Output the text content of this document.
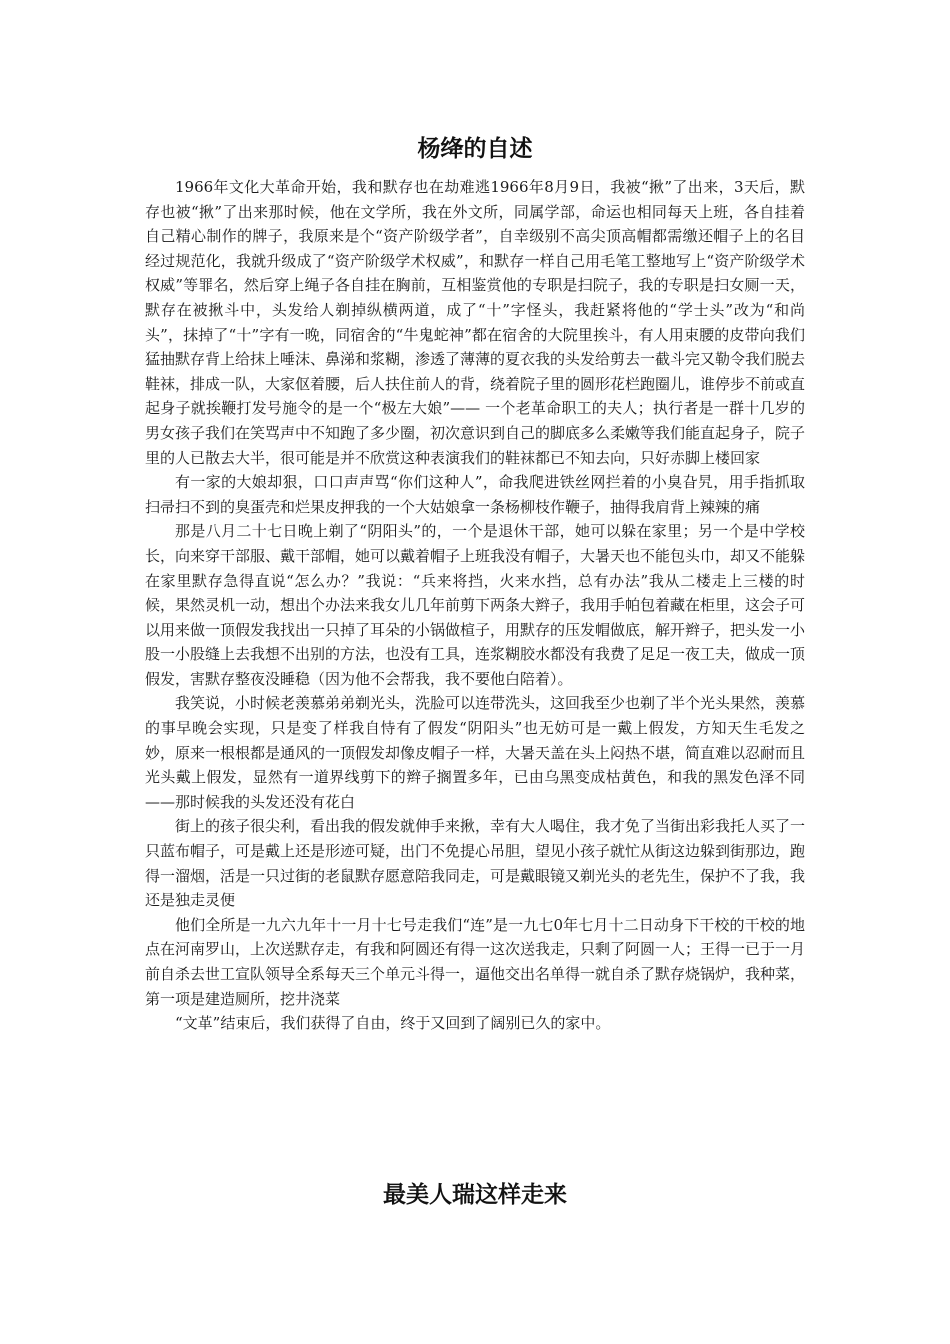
杨绛的自述

1966年文化大革命开始，我和默存也在劫难逃1966年8月9日，我被“揪”了出来，3天后，默存也被“揪”了出来那时候，他在文学所，我在外文所，同属学部，命运也相同每天上班，各自挂着自己精心制作的牌子，我原来是个“资产阶级学者”，自幸级别不高尖顶高帽都需缴还帽子上的名目经过规范化，我就升级成了“资产阶级学术权威”，和默存一样自己用毛笔工整地写上“资产阶级学术权威”等罪名，然后穿上绳子各自挂在胸前，互相鉴赏他的专职是扫院子，我的专职是扫女厕一天，默存在被揪斗中，头发给人剃掉纵横两道，成了“十”字怪头，我赶紧将他的“学士头”改为“和尚头”，抹掉了“十”字有一晚，同宿舍的“牛鬼蛇神”都在宿舍的大院里挨斗，有人用束腰的皮带向我们猛抽默存背上给抹上唾沫、鼻涕和浆糊，渗透了薄薄的夏衣我的头发给剪去一截斗完又勒令我们脱去鞋袜，排成一队，大家伛着腰，后人扶住前人的背，绕着院子里的圆形花栏跑圈儿，谁停步不前或直起身子就挨鞭打发号施令的是一个“极左大娘”—— 一个老革命职工的夫人；执行者是一群十几岁的男女孩子我们在笑骂声中不知跑了多少圈，初次意识到自己的脚底多么柔嫩等我们能直起身子，院子里的人已散去大半，很可能是并不欣赏这种表演我们的鞋袜都已不知去向，只好赤脚上楼回家

有一家的大娘却狠，口口声声骂“你们这种人”，命我爬进铁丝网拦着的小臭旮旯，用手指抓取扫帚扫不到的臭蛋壳和烂果皮押我的一个大姑娘拿一条杨柳枝作鞭子，抽得我肩背上辣辣的痛

那是八月二十七日晚上剃了“阴阳头”的，一个是退休干部，她可以躲在家里；另一个是中学校长，向来穿干部服、戴干部帽，她可以戴着帽子上班我没有帽子，大暑天也不能包头巾，却又不能躲在家里默存急得直说“怎么办？”我说：“兵来将挡，火来水挡，总有办法”我从二楼走上三楼的时候，果然灵机一动，想出个办法来我女儿几年前剪下两条大辫子，我用手帕包着藏在柜里，这会子可以用来做一顶假发我找出一只掉了耳朵的小锅做楦子，用默存的压发帽做底，解开辫子，把头发一小股一小股缝上去我想不出别的方法，也没有工具，连浆糊胶水都没有我费了足足一夜工夫，做成一顶假发，害默存整夜没睡稳（因为他不会帮我，我不要他白陪着）。

我笑说，小时候老羡慕弟弟剃光头，洗脸可以连带洗头，这回我至少也剃了半个光头果然，羡慕的事早晚会实现，只是变了样我自恃有了假发“阴阳头”也无妨可是一戴上假发，方知天生毛发之妙，原来一根根都是通风的一顶假发却像皮帽子一样，大暑天盖在头上闷热不堪，简直难以忍耐而且光头戴上假发，显然有一道界线剪下的辫子搁置多年，已由乌黑变成枯黄色，和我的黑发色泽不同——那时候我的头发还没有花白

街上的孩子很尖利，看出我的假发就伸手来揪，幸有大人喝住，我才免了当街出彩我托人买了一只蓝布帽子，可是戴上还是形迹可疑，出门不免提心吊胆，望见小孩子就忙从街这边躲到街那边，跑得一溜烟，活是一只过街的老鼠默存愿意陪我同走，可是戴眼镜又剃光头的老先生，保护不了我，我还是独走灵便

他们全所是一九六九年十一月十七号走我们“连”是一九七0年七月十二日动身下干校的干校的地点在河南罗山，上次送默存走，有我和阿圆还有得一这次送我走，只剩了阿圆一人；王得一已于一月前自杀去世工宣队领导全系每天三个单元斗得一，逼他交出名单得一就自杀了默存烧锅炉，我种菜，第一项是建造厕所，挖井浇菜

“文革”结束后，我们获得了自由，终于又回到了阔别已久的家中。

最美人瑞这样走来
